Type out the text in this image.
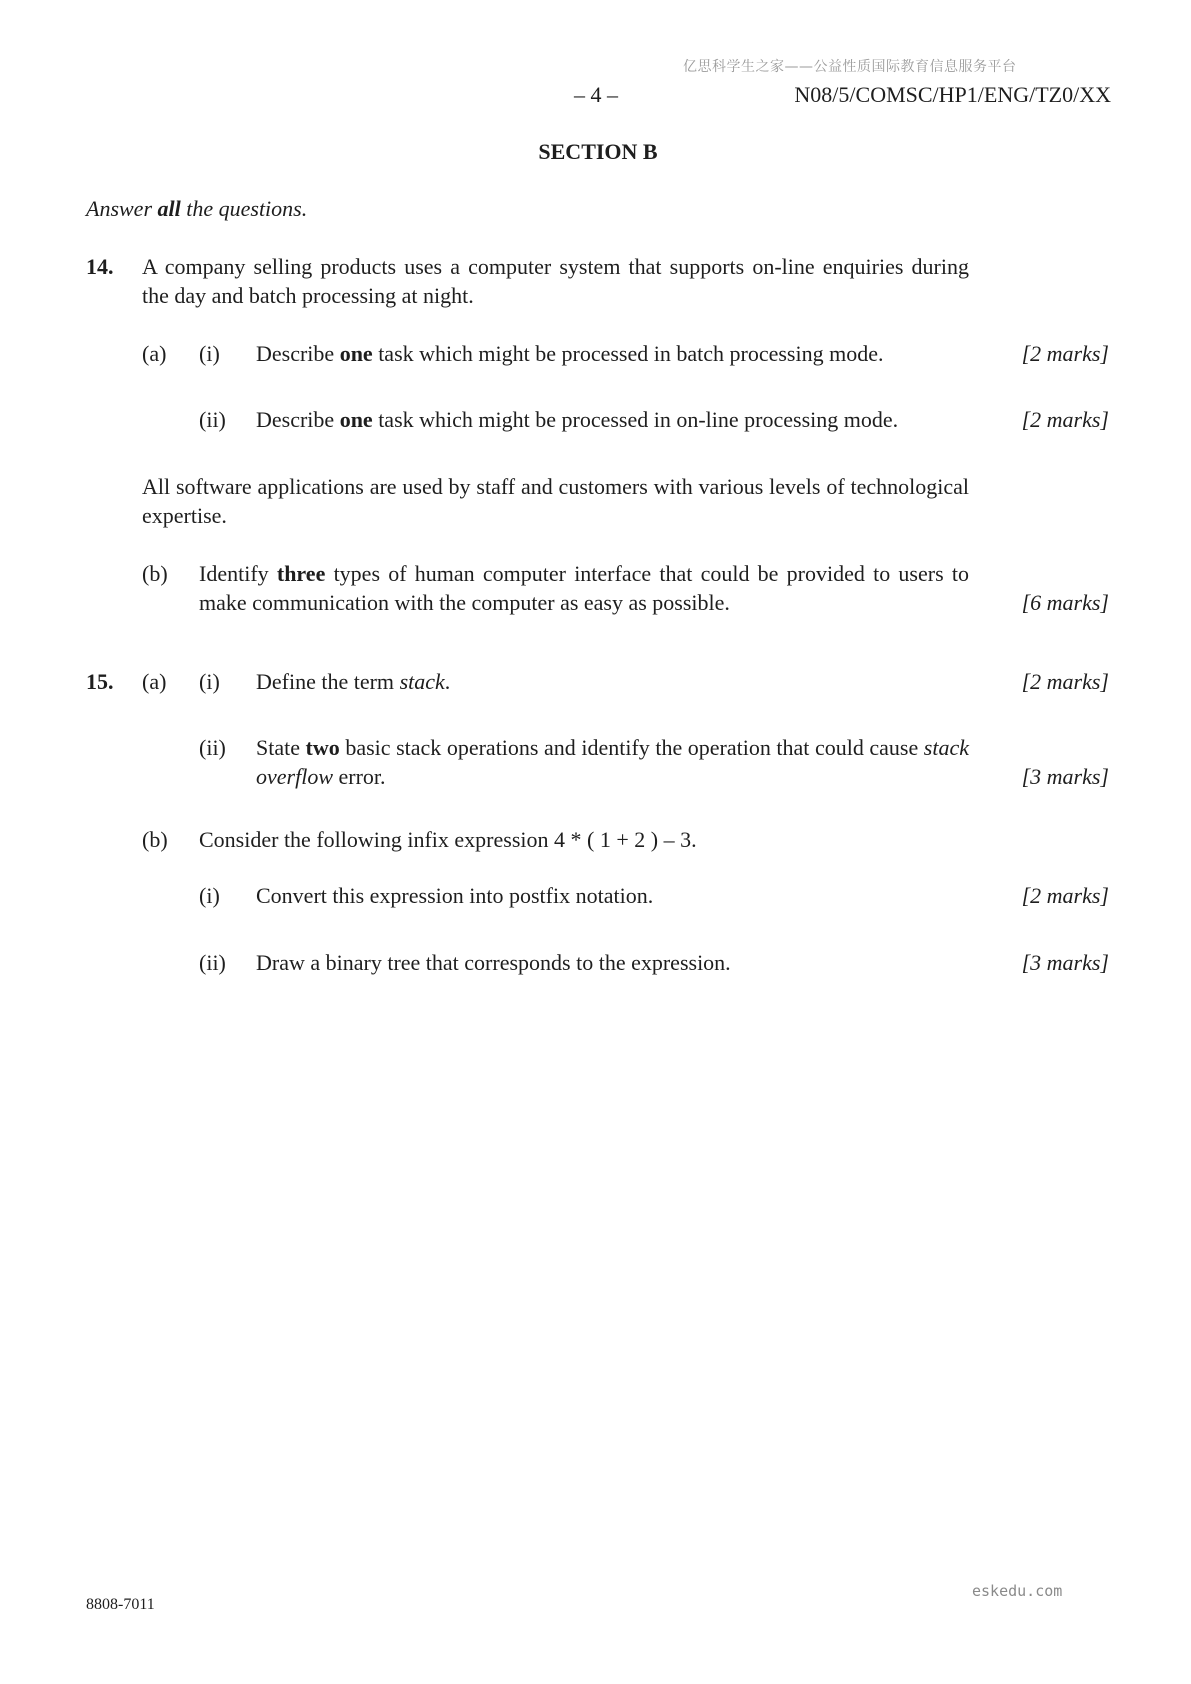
亿思科学生之家——公益性质国际教育信息服务平台
eskedu.com
– 4 –	N08/5/COMSC/HP1/ENG/TZ0/XX
SECTION B
Answer all the questions.
14. A company selling products uses a computer system that supports on-line enquiries during the day and batch processing at night.
(a) (i) Describe one task which might be processed in batch processing mode.	[2 marks]
(ii) Describe one task which might be processed in on-line processing mode.	[2 marks]
All software applications are used by staff and customers with various levels of technological expertise.
(b) Identify three types of human computer interface that could be provided to users to make communication with the computer as easy as possible.	[6 marks]
15. (a) (i) Define the term stack.	[2 marks]
(ii) State two basic stack operations and identify the operation that could cause stack overflow error.	[3 marks]
(b) Consider the following infix expression 4 * ( 1 + 2 ) – 3.
(i) Convert this expression into postfix notation.	[2 marks]
(ii) Draw a binary tree that corresponds to the expression.	[3 marks]
8808-7011
